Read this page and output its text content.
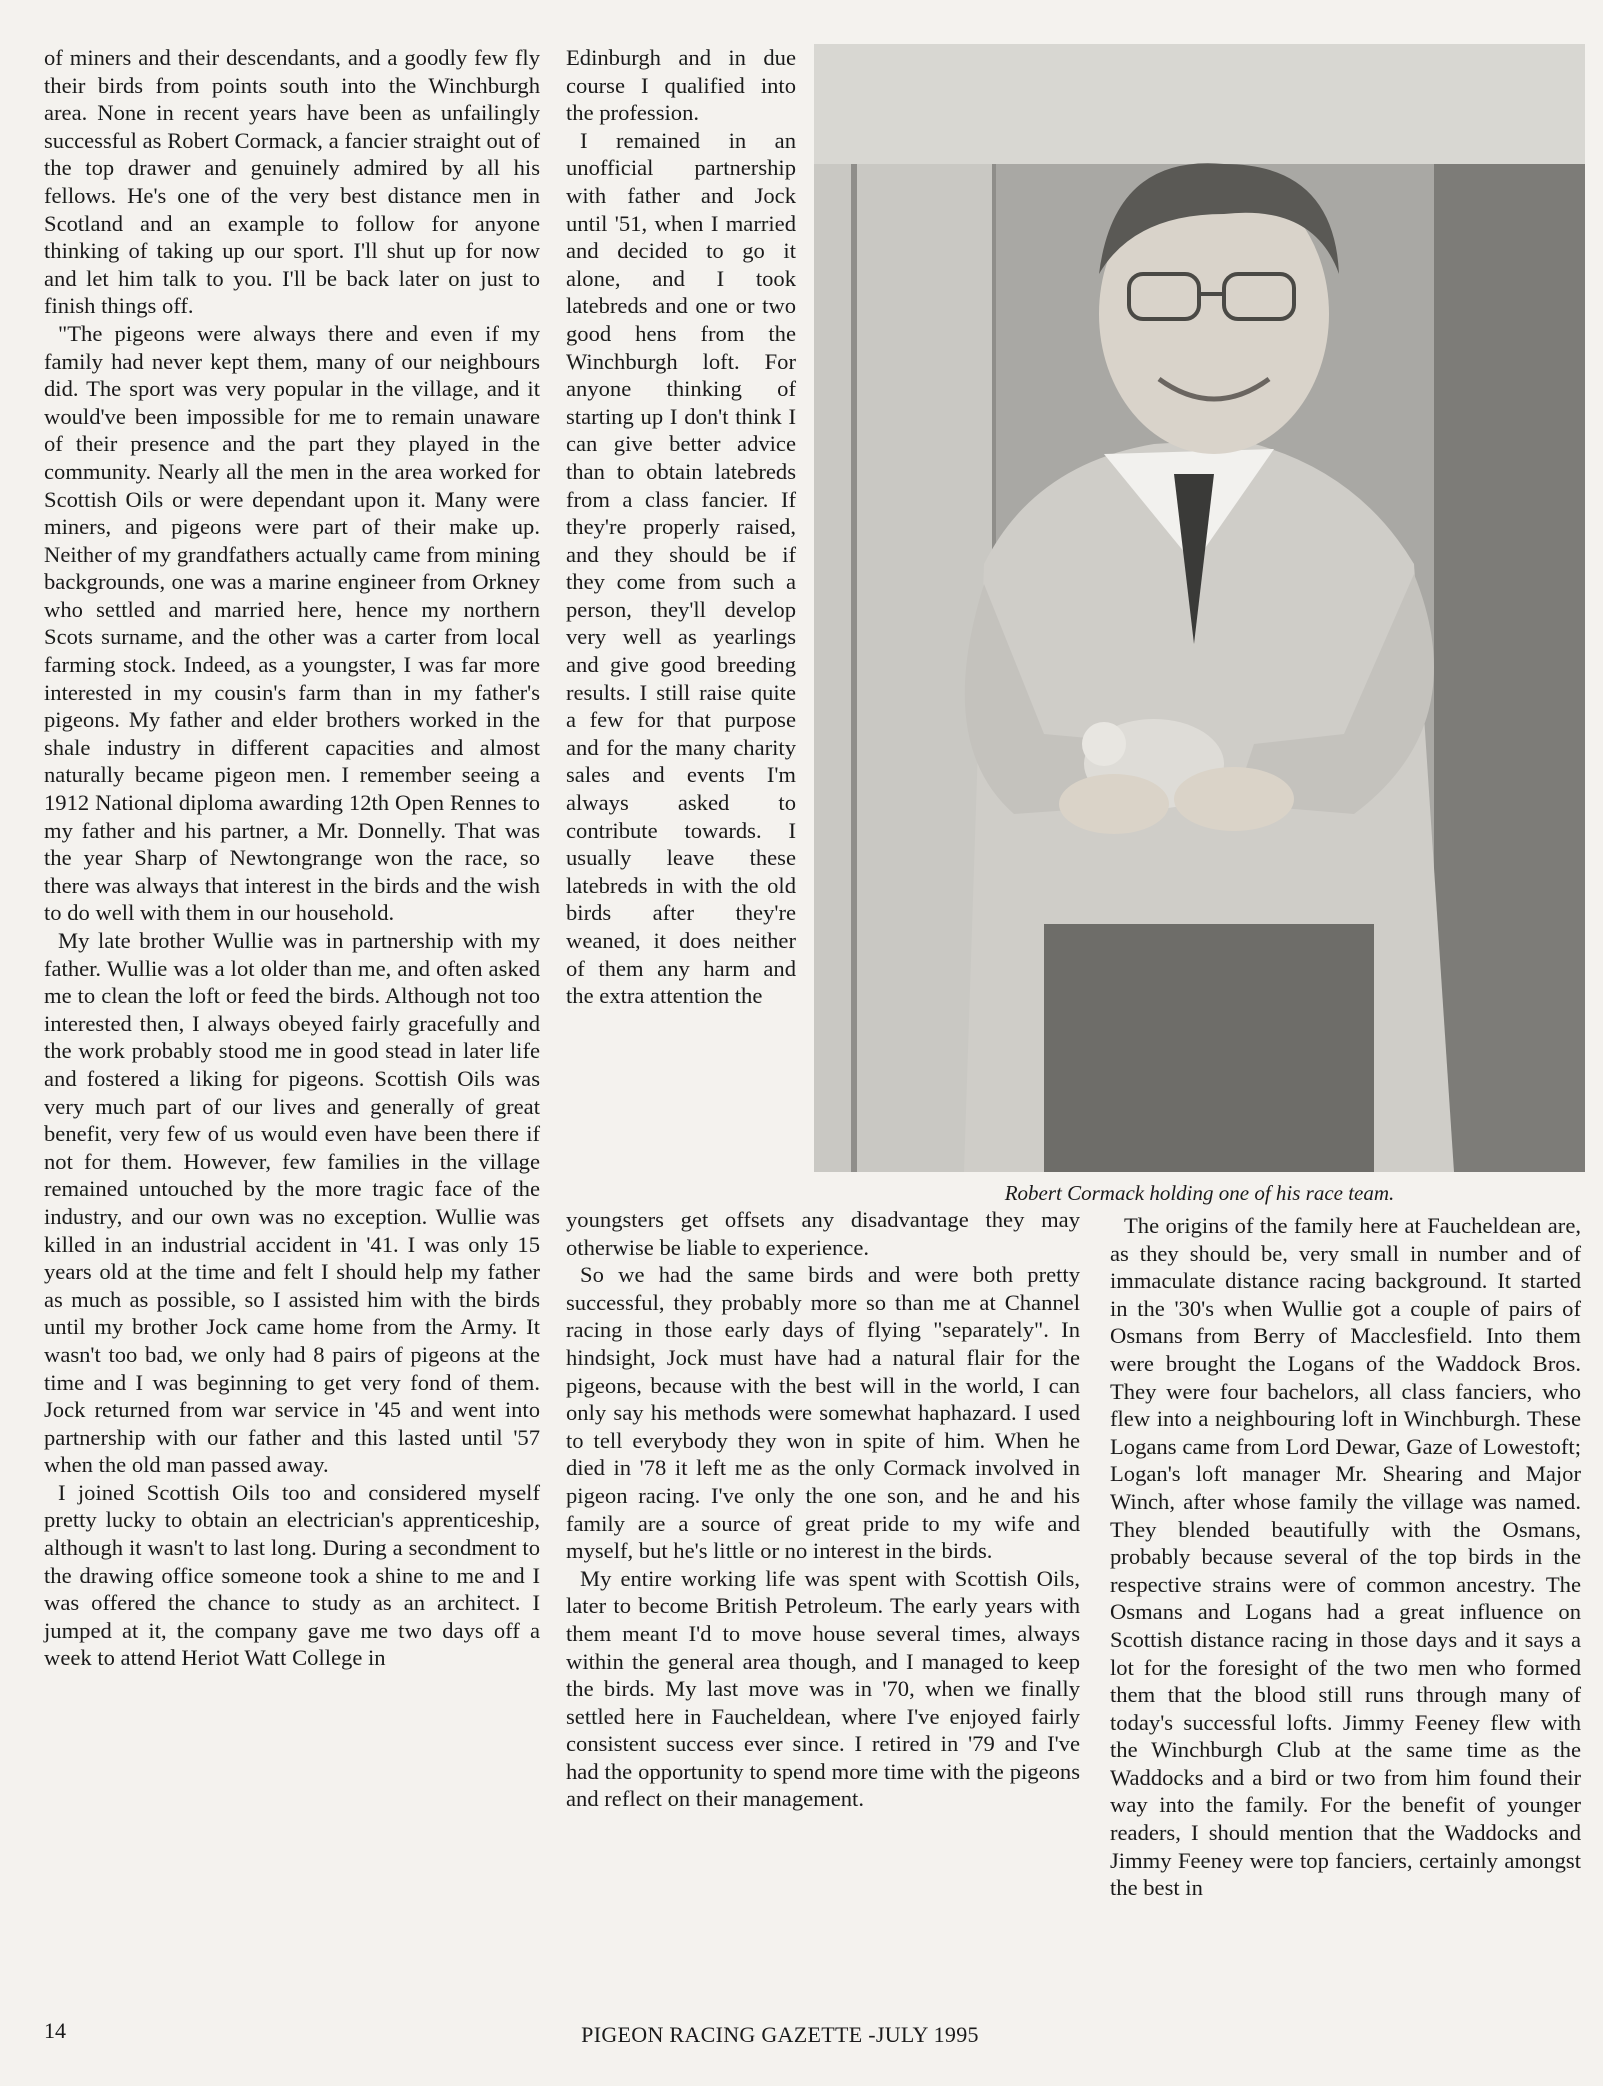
of miners and their descendants, and a goodly few fly their birds from points south into the Winchburgh area. None in recent years have been as unfailingly successful as Robert Cormack, a fancier straight out of the top drawer and genuinely admired by all his fellows. He's one of the very best distance men in Scotland and an example to follow for anyone thinking of taking up our sport. I'll shut up for now and let him talk to you. I'll be back later on just to finish things off.

"The pigeons were always there and even if my family had never kept them, many of our neighbours did. The sport was very popular in the village, and it would've been impossible for me to remain unaware of their presence and the part they played in the community. Nearly all the men in the area worked for Scottish Oils or were dependant upon it. Many were miners, and pigeons were part of their make up. Neither of my grandfathers actually came from mining backgrounds, one was a marine engineer from Orkney who settled and married here, hence my northern Scots surname, and the other was a carter from local farming stock. Indeed, as a youngster, I was far more interested in my cousin's farm than in my father's pigeons. My father and elder brothers worked in the shale industry in different capacities and almost naturally became pigeon men. I remember seeing a 1912 National diploma awarding 12th Open Rennes to my father and his partner, a Mr. Donnelly. That was the year Sharp of Newtongrange won the race, so there was always that interest in the birds and the wish to do well with them in our household.

My late brother Wullie was in partnership with my father. Wullie was a lot older than me, and often asked me to clean the loft or feed the birds. Although not too interested then, I always obeyed fairly gracefully and the work probably stood me in good stead in later life and fostered a liking for pigeons. Scottish Oils was very much part of our lives and generally of great benefit, very few of us would even have been there if not for them. However, few families in the village remained untouched by the more tragic face of the industry, and our own was no exception. Wullie was killed in an industrial accident in '41. I was only 15 years old at the time and felt I should help my father as much as possible, so I assisted him with the birds until my brother Jock came home from the Army. It wasn't too bad, we only had 8 pairs of pigeons at the time and I was beginning to get very fond of them. Jock returned from war service in '45 and went into partnership with our father and this lasted until '57 when the old man passed away.

I joined Scottish Oils too and considered myself pretty lucky to obtain an electrician's apprenticeship, although it wasn't to last long. During a secondment to the drawing office someone took a shine to me and I was offered the chance to study as an architect. I jumped at it, the company gave me two days off a week to attend Heriot Watt College in

Edinburgh and in due course I qualified into the profession.

I remained in an unofficial partnership with father and Jock until '51, when I married and decided to go it alone, and I took latebreds and one or two good hens from the Winchburgh loft. For anyone thinking of starting up I don't think I can give better advice than to obtain latebreds from a class fancier. If they're properly raised, and they should be if they come from such a person, they'll develop very well as yearlings and give good breeding results. I still raise quite a few for that purpose and for the many charity sales and events I'm always asked to contribute towards. I usually leave these latebreds in with the old birds after they're weaned, it does neither of them any harm and the extra attention the

Robert Cormack holding one of his race team.

youngsters get offsets any disadvantage they may otherwise be liable to experience.

So we had the same birds and were both pretty successful, they probably more so than me at Channel racing in those early days of flying "separately". In hindsight, Jock must have had a natural flair for the pigeons, because with the best will in the world, I can only say his methods were somewhat haphazard. I used to tell everybody they won in spite of him. When he died in '78 it left me as the only Cormack involved in pigeon racing. I've only the one son, and he and his family are a source of great pride to my wife and myself, but he's little or no interest in the birds.

My entire working life was spent with Scottish Oils, later to become British Petroleum. The early years with them meant I'd to move house several times, always within the general area though, and I managed to keep the birds. My last move was in '70, when we finally settled here in Faucheldean, where I've enjoyed fairly consistent success ever since. I retired in '79 and I've had the opportunity to spend more time with the pigeons and reflect on their management.

The origins of the family here at Faucheldean are, as they should be, very small in number and of immaculate distance racing background. It started in the '30's when Wullie got a couple of pairs of Osmans from Berry of Macclesfield. Into them were brought the Logans of the Waddock Bros. They were four bachelors, all class fanciers, who flew into a neighbouring loft in Winchburgh. These Logans came from Lord Dewar, Gaze of Lowestoft; Logan's loft manager Mr. Shearing and Major Winch, after whose family the village was named. They blended beautifully with the Osmans, probably because several of the top birds in the respective strains were of common ancestry. The Osmans and Logans had a great influence on Scottish distance racing in those days and it says a lot for the foresight of the two men who formed them that the blood still runs through many of today's successful lofts. Jimmy Feeney flew with the Winchburgh Club at the same time as the Waddocks and a bird or two from him found their way into the family. For the benefit of younger readers, I should mention that the Waddocks and Jimmy Feeney were top fanciers, certainly amongst the best in

14	PIGEON RACING GAZETTE -JULY 1995
